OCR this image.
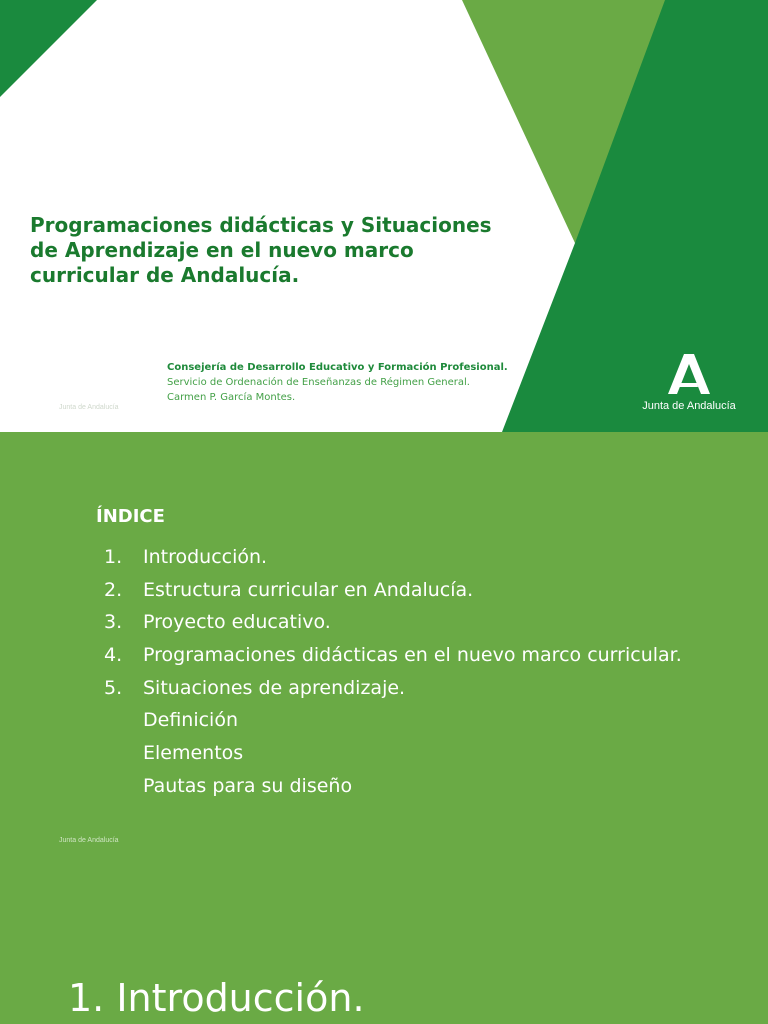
Programaciones didácticas y Situaciones de Aprendizaje en el nuevo marco curricular de Andalucía.
Consejería de Desarrollo Educativo y Formación Profesional.
Servicio de Ordenación de Enseñanzas de Régimen General.
Carmen P. García Montes.
Junta de Andalucía	Junta de Andalucía
ÍNDICE
1. Introducción.
2. Estructura curricular en Andalucía.
3. Proyecto educativo.
4. Programaciones didácticas en el nuevo marco curricular.
5. Situaciones de aprendizaje.
Definición
Elementos
Pautas para su diseño
Junta de Andalucía
1. Introducción.
